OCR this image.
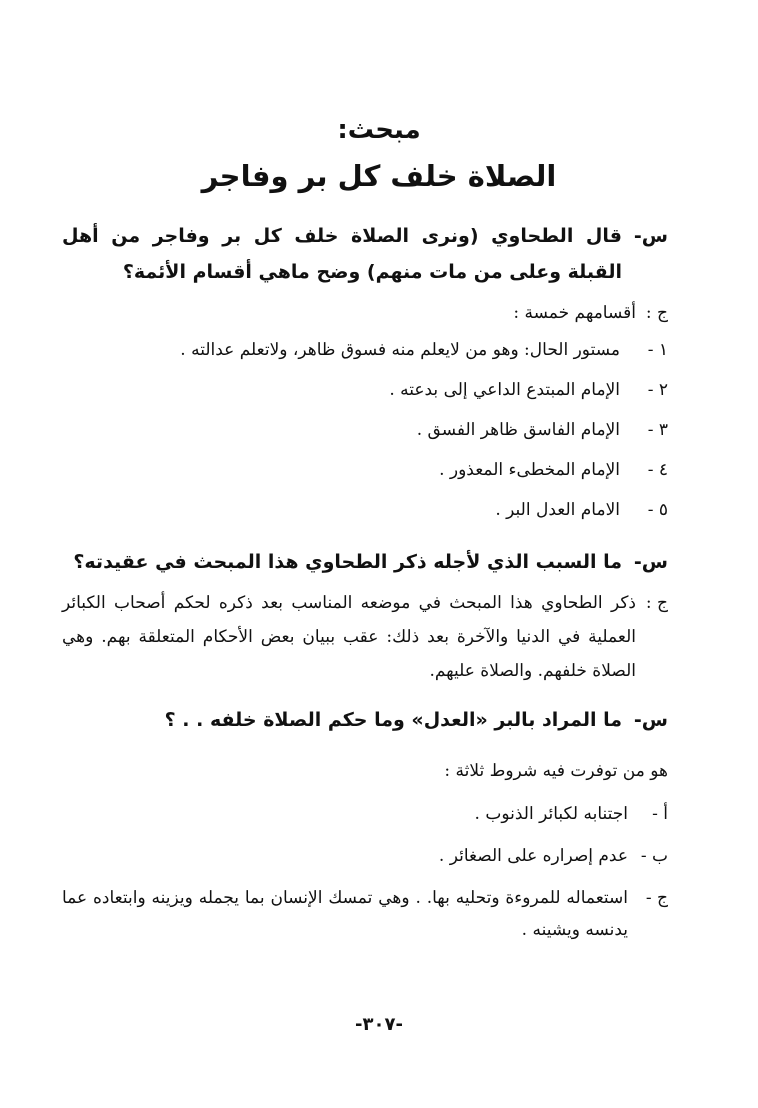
مبحث:
الصلاة خلف كل بر وفاجر
س-
قال الطحاوي (ونرى الصلاة خلف كل بر وفاجر من أهل القبلة وعلى من مات منهم) وضح ماهي أقسام الأئمة؟
ج :
أقسامهم خمسة :
١ -
مستور الحال: وهو من لايعلم منه فسوق ظاهر، ولاتعلم عدالته .
٢ -
الإمام المبتدع الداعي إلى بدعته .
٣ -
الإمام الفاسق ظاهر الفسق .
٤ -
الإمام المخطىء المعذور .
٥ -
الامام العدل البر .
س-
ما السبب الذي لأجله ذكر الطحاوي هذا المبحث في عقيدته؟
ج :
ذكر الطحاوي هذا المبحث في موضعه المناسب بعد ذكره لحكم أصحاب الكبائر العملية في الدنيا والآخرة بعد ذلك: عقب ببيان بعض الأحكام المتعلقة بهم. وهي الصلاة خلفهم. والصلاة عليهم.
س-
ما المراد بالبر «العدل» وما حكم الصلاة خلفه . . ؟
هو من توفرت فيه شروط ثلاثة :
أ -
اجتنابه لكبائر الذنوب .
ب -
عدم إصراره على الصغائر .
ج -
استعماله للمروءة وتحليه بها. . وهي تمسك الإنسان بما يجمله ويزينه وابتعاده عما يدنسه ويشينه .
-٣٠٧-
